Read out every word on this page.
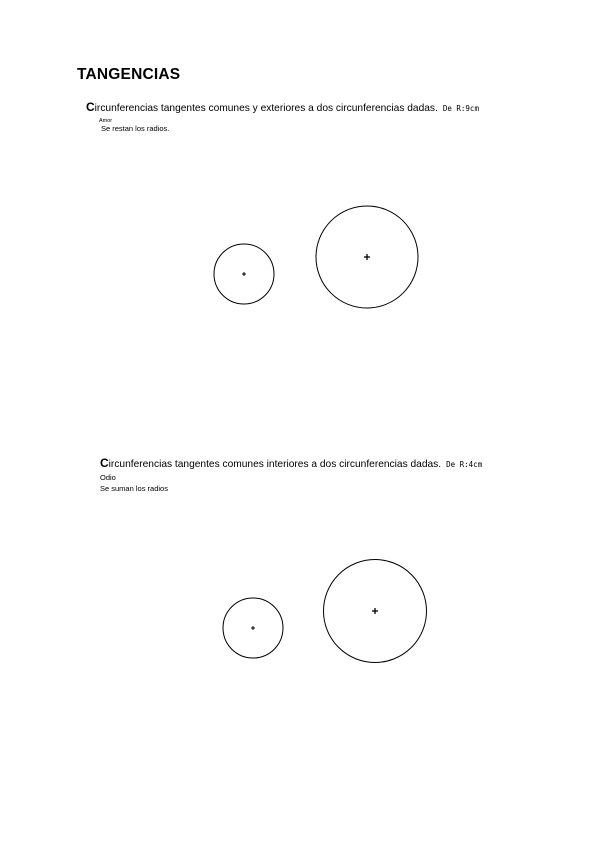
TANGENCIAS
Circunferencias tangentes comunes y exteriores a dos circunferencias dadas. De R:9cm
Amor
Se restan los radios.
Circunferencias tangentes comunes interiores a dos circunferencias dadas. De R:4cm
Odio
Se suman los radios
